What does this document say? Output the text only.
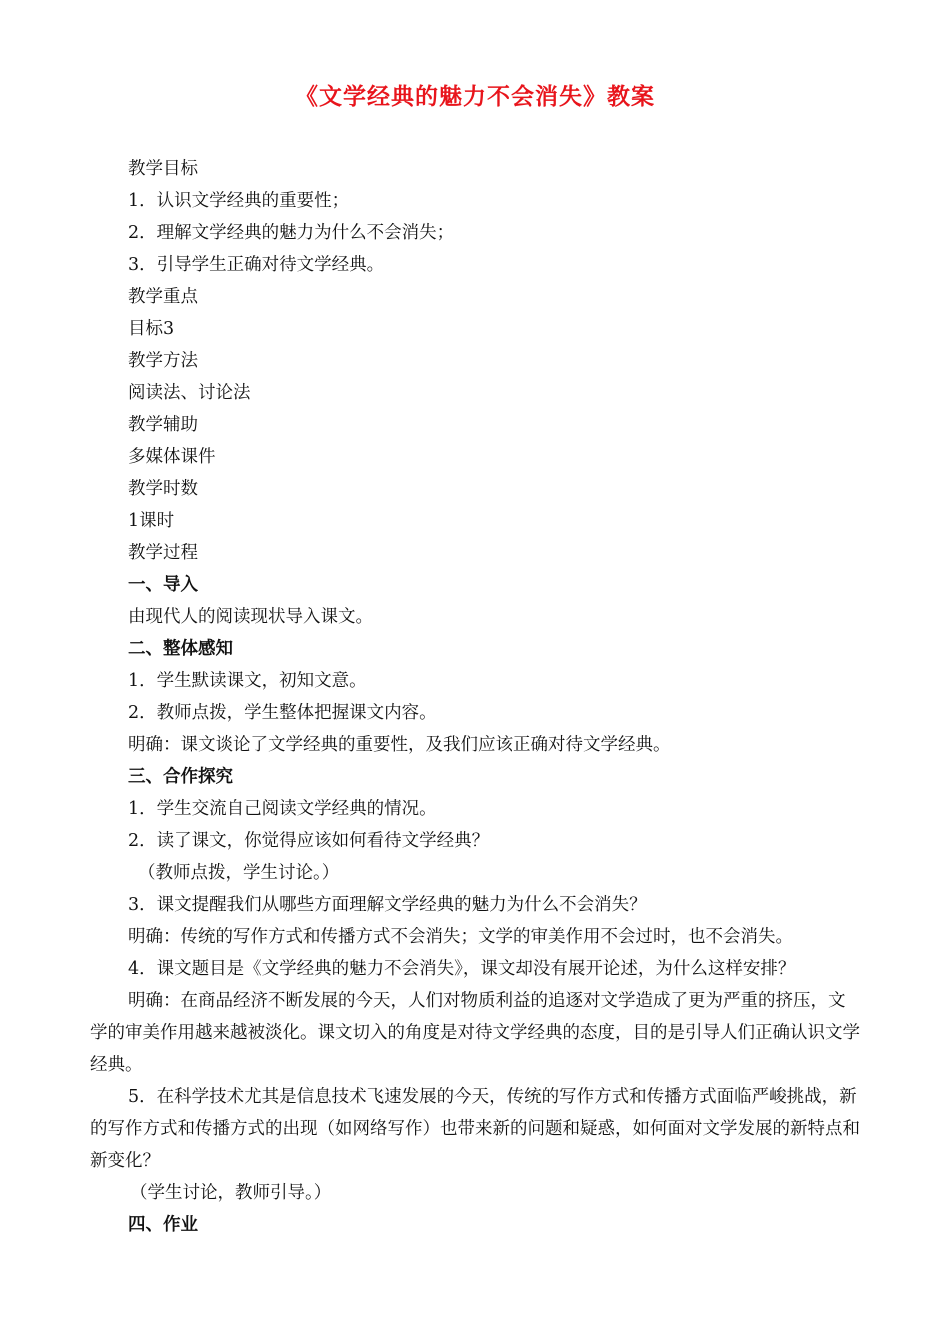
《文学经典的魅力不会消失》教案
教学目标
1．认识文学经典的重要性；
2．理解文学经典的魅力为什么不会消失；
3．引导学生正确对待文学经典。
教学重点
目标3
教学方法
阅读法、讨论法
教学辅助
多媒体课件
教学时数
1课时
教学过程
一、导入
由现代人的阅读现状导入课文。
二、整体感知
1．学生默读课文，初知文意。
2．教师点拨，学生整体把握课文内容。
明确：课文谈论了文学经典的重要性，及我们应该正确对待文学经典。
三、合作探究
1．学生交流自己阅读文学经典的情况。
2．读了课文，你觉得应该如何看待文学经典？
（教师点拨，学生讨论。）
3．课文提醒我们从哪些方面理解文学经典的魅力为什么不会消失？
明确：传统的写作方式和传播方式不会消失；文学的审美作用不会过时，也不会消失。
4．课文题目是《文学经典的魅力不会消失》，课文却没有展开论述，为什么这样安排？
明确：在商品经济不断发展的今天，人们对物质利益的追逐对文学造成了更为严重的挤压，文学的审美作用越来越被淡化。课文切入的角度是对待文学经典的态度，目的是引导人们正确认识文学经典。
5．在科学技术尤其是信息技术飞速发展的今天，传统的写作方式和传播方式面临严峻挑战，新的写作方式和传播方式的出现（如网络写作）也带来新的问题和疑惑，如何面对文学发展的新特点和新变化？
（学生讨论，教师引导。）
四、作业
